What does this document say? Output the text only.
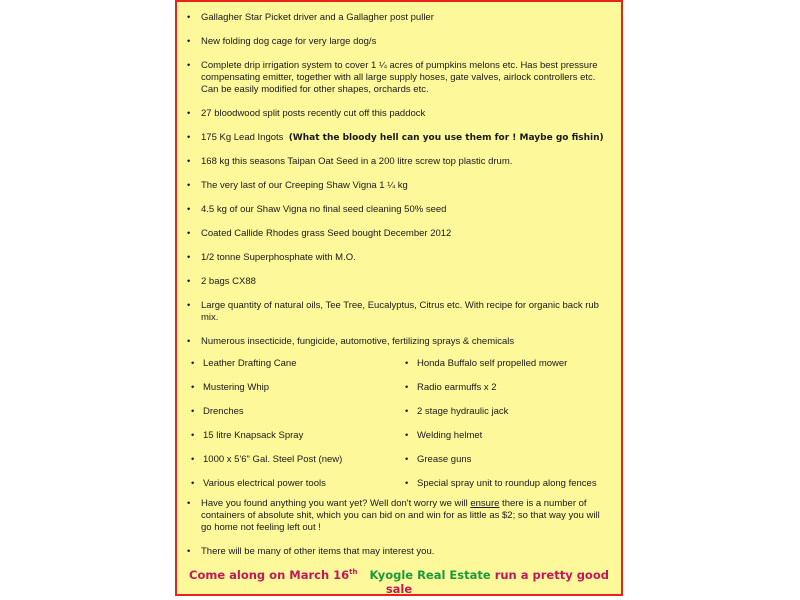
• Gallagher Star Picket driver and a Gallagher post puller
• New folding dog cage for very large dog/s
• Complete drip irrigation system to cover 1 ¼ acres of pumpkins melons etc. Has best pressure compensating emitter, together with all large supply hoses, gate valves, airlock controllers etc. Can be easily modified for other shapes, orchards etc.
• 27 bloodwood split posts recently cut off this paddock
• 175 Kg Lead Ingots (What the bloody hell can you use them for ! Maybe go fishin)
• 168 kg this seasons Taipan Oat Seed in a 200 litre screw top plastic drum.
• The very last of our Creeping Shaw Vigna 1 ¼ kg
• 4.5 kg of our Shaw Vigna no final seed cleaning 50% seed
• Coated Callide Rhodes grass Seed bought December 2012
• 1/2 tonne Superphosphate with M.O.
• 2 bags CX88
• Large quantity of natural oils, Tee Tree, Eucalyptus, Citrus etc. With recipe for organic back rub mix.
• Numerous insecticide, fungicide, automotive, fertilizing sprays & chemicals
• Leather Drafting Cane
• Mustering Whip
• Drenches
• 15 litre Knapsack Spray
• 1000 x 5'6" Gal. Steel Post (new)
• Various electrical power tools
• Honda Buffalo self propelled mower
• Radio earmuffs x 2
• 2 stage hydraulic jack
• Welding helmet
• Grease guns
• Special spray unit to roundup along fences
• Have you found anything you want yet? Well don't worry we will ensure there is a number of containers of absolute shit, which you can bid on and win for as little as $2; so that way you will go home not feeling left out !
• There will be many of other items that may interest you.
Come along on March 16th Kyogle Real Estate run a pretty good sale
